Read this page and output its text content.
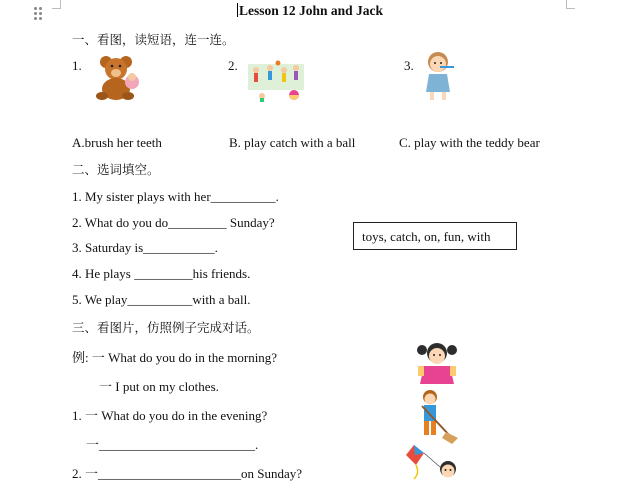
Lesson 12 John and Jack
一、看图，读短语，连一连。
1.	2.	3.
A.brush her teeth	B. play catch with a ball	C. play with the teddy bear
二、选词填空。
1. My sister plays with her__________.
2. What do you do_________ Sunday?
3. Saturday is___________.
4. He plays _________his friends.
5. We play__________with a ball.
toys, catch, on, fun, with
三、看图片，仿照例子完成对话。
例: 一 What do you do in the morning?
一 I put on my clothes.
1. 一 What do you do in the evening?
一________________________.
2. 一______________________on Sunday?
